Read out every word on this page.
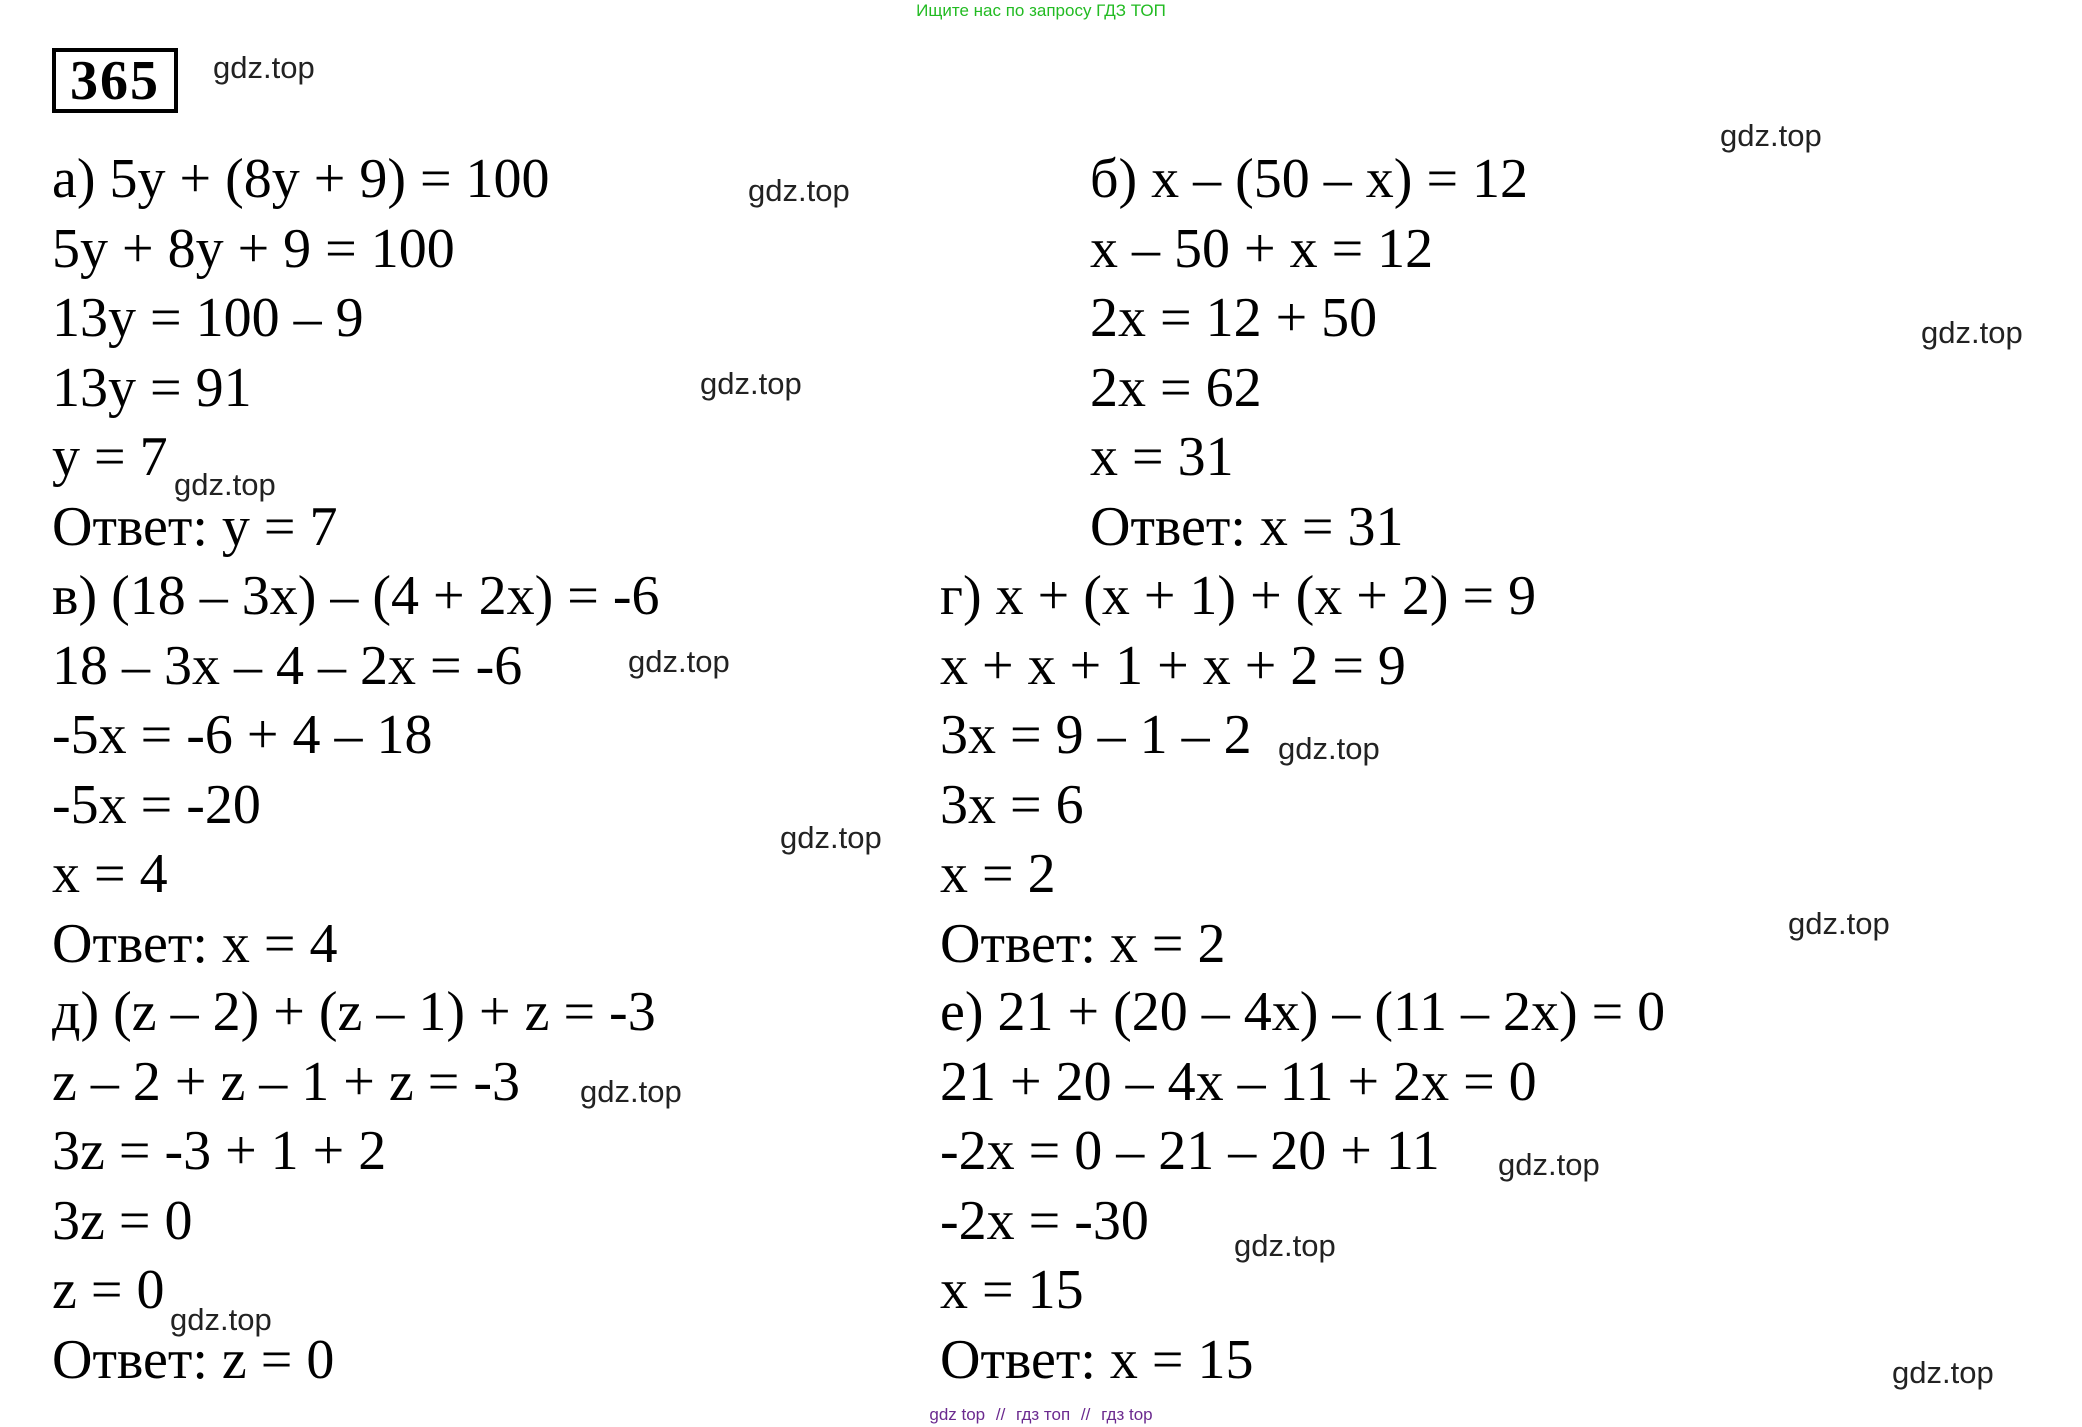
Ищите нас по запросу ГДЗ ТОП
365
а) 5y + (8y + 9) = 100
5y + 8y + 9 = 100
13y = 100 – 9
13y = 91
y = 7
Ответ: y = 7
б) x – (50 – x) = 12
x – 50 + x = 12
2x = 12 + 50
2x = 62
x = 31
Ответ: x = 31
в) (18 – 3x) – (4 + 2x) = -6
18 – 3x – 4 – 2x = -6
-5x = -6 + 4 – 18
-5x = -20
x = 4
Ответ: x = 4
г) x + (x + 1) + (x + 2) = 9
x + x + 1 + x + 2 = 9
3x = 9 – 1 – 2
3x = 6
x = 2
Ответ: x = 2
д) (z – 2) + (z – 1) + z = -3
z – 2 + z – 1 + z = -3
3z = -3 + 1 + 2
3z = 0
z = 0
Ответ: z = 0
е) 21 + (20 – 4x) – (11 – 2x) = 0
21 + 20 – 4x – 11 + 2x = 0
-2x = 0 – 21 – 20 + 11
-2x = -30
x = 15
Ответ: x = 15
gdz.top
gdz.top
gdz.top
gdz.top
gdz.top
gdz.top
gdz.top
gdz.top
gdz.top
gdz.top
gdz.top
gdz.top
gdz.top
gdz.top
gdz.top
gdz top // гдз топ // гдз top
